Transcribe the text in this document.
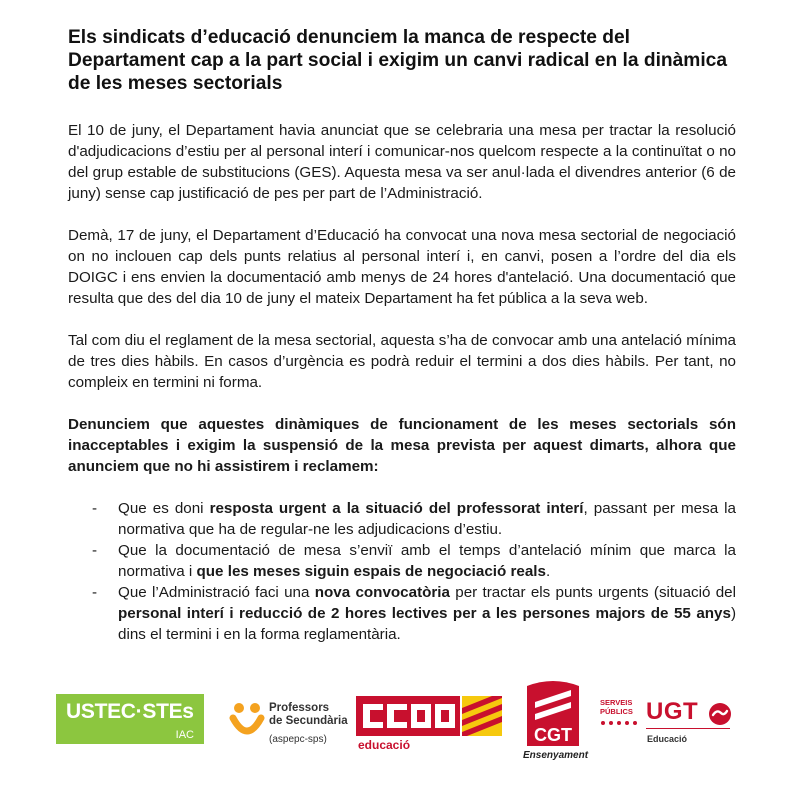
Els sindicats d’educació denunciem la manca de respecte del Departament cap a la part social i exigim un canvi radical en la dinàmica de les meses sectorials
El 10 de juny, el Departament havia anunciat que se celebraria una mesa per tractar la resolució d'adjudicacions d’estiu per al personal interí i comunicar-nos quelcom respecte a la continuïtat o no del grup estable de substitucions (GES). Aquesta mesa va ser anul·lada el divendres anterior (6 de juny) sense cap justificació de pes per part de l’Administració.
Demà, 17 de juny, el Departament d’Educació ha convocat una nova mesa sectorial de negociació on no inclouen cap dels punts relatius al personal interí i, en canvi, posen a l’ordre del dia els DOIGC i ens envien la documentació amb menys de 24 hores d'antelació. Una documentació que resulta que des del dia 10 de juny el mateix Departament ha fet pública a la seva web.
Tal com diu el reglament de la mesa sectorial, aquesta s’ha de convocar amb una antelació mínima de tres dies hàbils. En casos d’urgència es podrà reduir el termini a dos dies hàbils. Per tant, no compleix en termini ni forma.
Denunciem que aquestes dinàmiques de funcionament de les meses sectorials són inacceptables i exigim la suspensió de la mesa prevista per aquest dimarts, alhora que anunciem que no hi assistirem i reclamem:
- Que es doni resposta urgent a la situació del professorat interí, passant per mesa la normativa que ha de regular-ne les adjudicacions d’estiu.
- Que la documentació de mesa s’enviï amb el temps d’antelació mínim que marca la normativa i que les meses siguin espais de negociació reals.
- Que l’Administració faci una nova convocatòria per tractar els punts urgents (situació del personal interí i reducció de 2 hores lectives per a les persones majors de 55 anys) dins el termini i en la forma reglamentària.
USTEC·STEs
IAC
Professors
de Secundària
(aspepc-sps)	educació	CGT
Ensenyament
SERVEIS
PÚBLICS UGT
Educació
